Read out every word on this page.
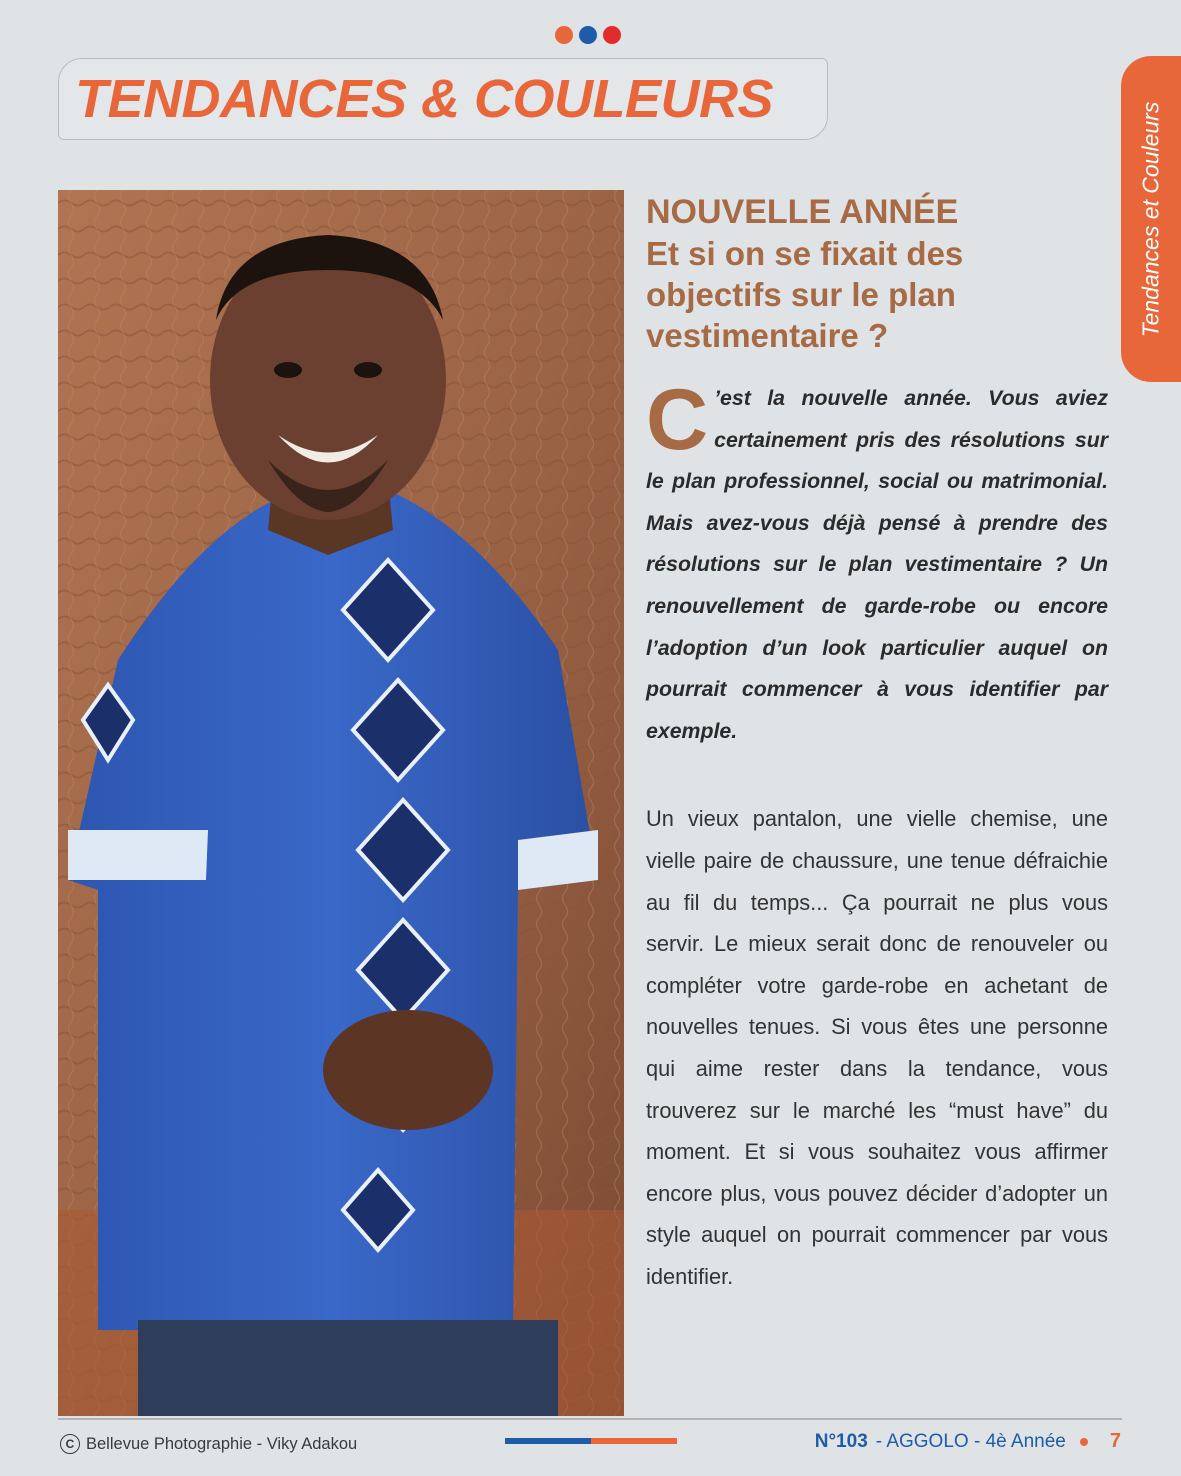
TENDANCES & COULEURS
Tendances et Couleurs
NOUVELLE ANNÉE
Et si on se fixait des objectifs sur le plan vestimentaire ?
C ’est la nouvelle année. Vous aviez certainement pris des résolutions sur le plan professionnel, social ou matrimonial. Mais avez-vous déjà pensé à prendre des résolutions sur le plan vestimentaire ? Un renouvellement de garde-robe ou encore l’adoption d’un look particulier auquel on pourrait commencer à vous identifier par exemple.
Un vieux pantalon, une vielle chemise, une vielle paire de chaussure, une tenue défraichie au fil du temps... Ça pourrait ne plus vous servir. Le mieux serait donc de renouveler ou compléter votre garde-robe en achetant de nouvelles tenues. Si vous êtes une personne qui aime rester dans la tendance, vous trouverez sur le marché les “must have” du moment. Et si vous souhaitez vous affirmer encore plus, vous pouvez décider d’adopter un style auquel on pourrait commencer par vous identifier.
C Bellevue Photographie - Viky Adakou	N°103 - AGGOLO - 4è Année 7
